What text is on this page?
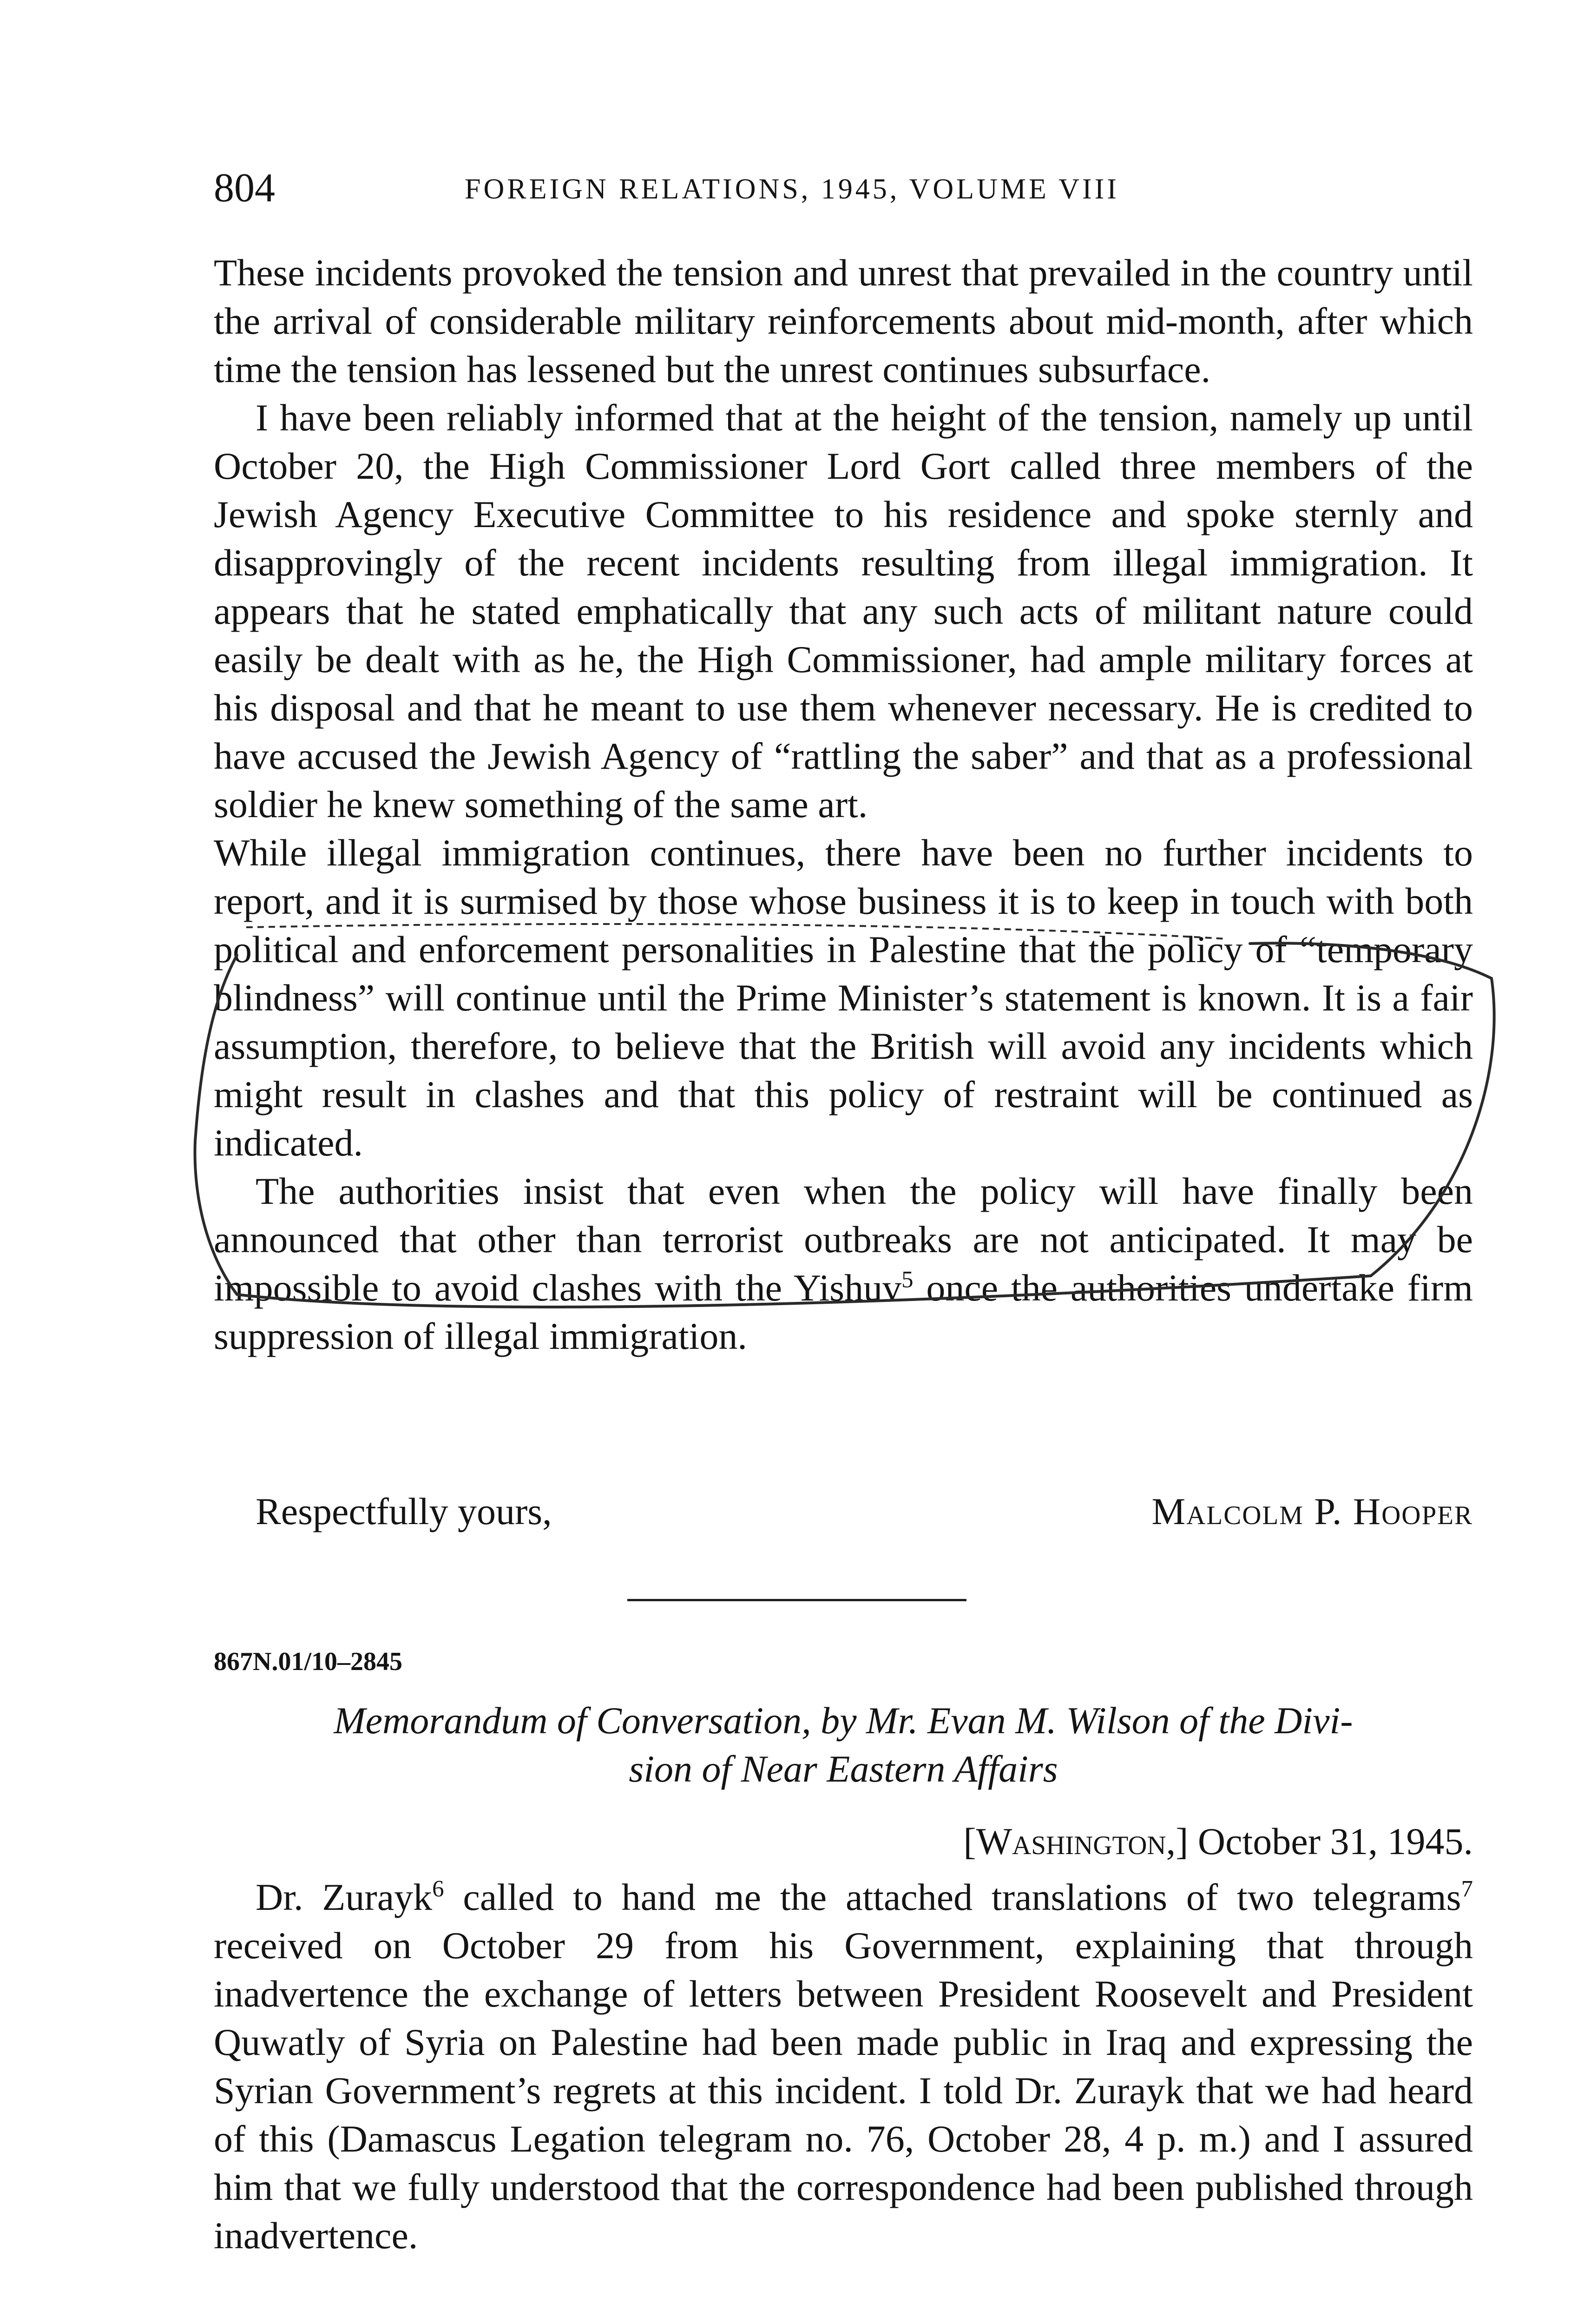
804	FOREIGN RELATIONS, 1945, VOLUME VIII

These incidents provoked the tension and unrest that prevailed in the country until the arrival of considerable military reinforcements about mid-month, after which time the tension has lessened but the unrest continues subsurface.

I have been reliably informed that at the height of the tension, namely up until October 20, the High Commissioner Lord Gort called three members of the Jewish Agency Executive Committee to his residence and spoke sternly and disapprovingly of the recent incidents resulting from illegal immigration. It appears that he stated emphatically that any such acts of militant nature could easily be dealt with as he, the High Commissioner, had ample military forces at his disposal and that he meant to use them whenever necessary. He is credited to have accused the Jewish Agency of “rattling the saber” and that as a professional soldier he knew something of the same art.

While illegal immigration continues, there have been no further incidents to report, and it is surmised by those whose business it is to keep in touch with both political and enforcement personalities in Palestine that the policy of “temporary blindness” will continue until the Prime Minister’s statement is known. It is a fair assumption, therefore, to believe that the British will avoid any incidents which might result in clashes and that this policy of restraint will be continued as indicated.

The authorities insist that even when the policy will have finally been announced that other than terrorist outbreaks are not anticipated. It may be impossible to avoid clashes with the Yishuv$^5$ once the authorities undertake firm suppression of illegal immigration.

Respectfully yours,	Malcolm P. Hooper
867N.01/10–2845
Memorandum of Conversation, by Mr. Evan M. Wilson of the Divi-
sion of Near Eastern Affairs
[Washington,] October 31, 1945.

Dr. Zurayk$^6$ called to hand me the attached translations of two telegrams$^7$ received on October 29 from his Government, explaining that through inadvertence the exchange of letters between President Roosevelt and President Quwatly of Syria on Palestine had been made public in Iraq and expressing the Syrian Government’s regrets at this incident. I told Dr. Zurayk that we had heard of this (Damascus Legation telegram no. 76, October 28, 4 p. m.) and I assured him that we fully understood that the correspondence had been published through inadvertence.
